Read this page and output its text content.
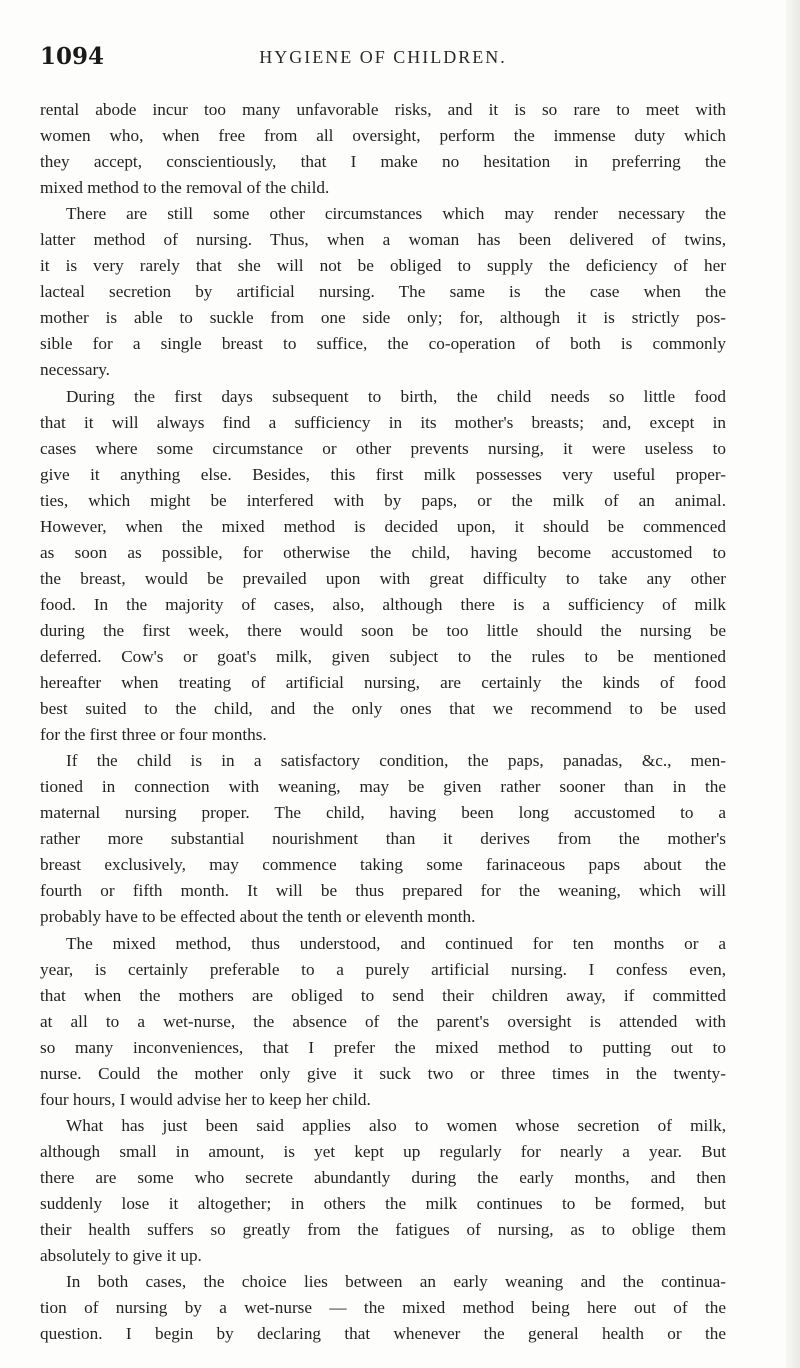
1094	HYGIENE OF CHILDREN.
rental abode incur too many unfavorable risks, and it is so rare to meet with
women who, when free from all oversight, perform the immense duty which
they accept, conscientiously, that I make no hesitation in preferring the
mixed method to the removal of the child.
There are still some other circumstances which may render necessary the
latter method of nursing. Thus, when a woman has been delivered of twins,
it is very rarely that she will not be obliged to supply the deficiency of her
lacteal secretion by artificial nursing. The same is the case when the
mother is able to suckle from one side only; for, although it is strictly pos-
sible for a single breast to suffice, the co-operation of both is commonly
necessary.
During the first days subsequent to birth, the child needs so little food
that it will always find a sufficiency in its mother's breasts; and, except in
cases where some circumstance or other prevents nursing, it were useless to
give it anything else. Besides, this first milk possesses very useful proper-
ties, which might be interfered with by paps, or the milk of an animal.
However, when the mixed method is decided upon, it should be commenced
as soon as possible, for otherwise the child, having become accustomed to
the breast, would be prevailed upon with great difficulty to take any other
food. In the majority of cases, also, although there is a sufficiency of milk
during the first week, there would soon be too little should the nursing be
deferred. Cow's or goat's milk, given subject to the rules to be mentioned
hereafter when treating of artificial nursing, are certainly the kinds of food
best suited to the child, and the only ones that we recommend to be used
for the first three or four months.
If the child is in a satisfactory condition, the paps, panadas, &c., men-
tioned in connection with weaning, may be given rather sooner than in the
maternal nursing proper. The child, having been long accustomed to a
rather more substantial nourishment than it derives from the mother's
breast exclusively, may commence taking some farinaceous paps about the
fourth or fifth month. It will be thus prepared for the weaning, which will
probably have to be effected about the tenth or eleventh month.
The mixed method, thus understood, and continued for ten months or a
year, is certainly preferable to a purely artificial nursing. I confess even,
that when the mothers are obliged to send their children away, if committed
at all to a wet-nurse, the absence of the parent's oversight is attended with
so many inconveniences, that I prefer the mixed method to putting out to
nurse. Could the mother only give it suck two or three times in the twenty-
four hours, I would advise her to keep her child.
What has just been said applies also to women whose secretion of milk,
although small in amount, is yet kept up regularly for nearly a year. But
there are some who secrete abundantly during the early months, and then
suddenly lose it altogether; in others the milk continues to be formed, but
their health suffers so greatly from the fatigues of nursing, as to oblige them
absolutely to give it up.
In both cases, the choice lies between an early weaning and the continua-
tion of nursing by a wet-nurse — the mixed method being here out of the
question. I begin by declaring that whenever the general health or the
